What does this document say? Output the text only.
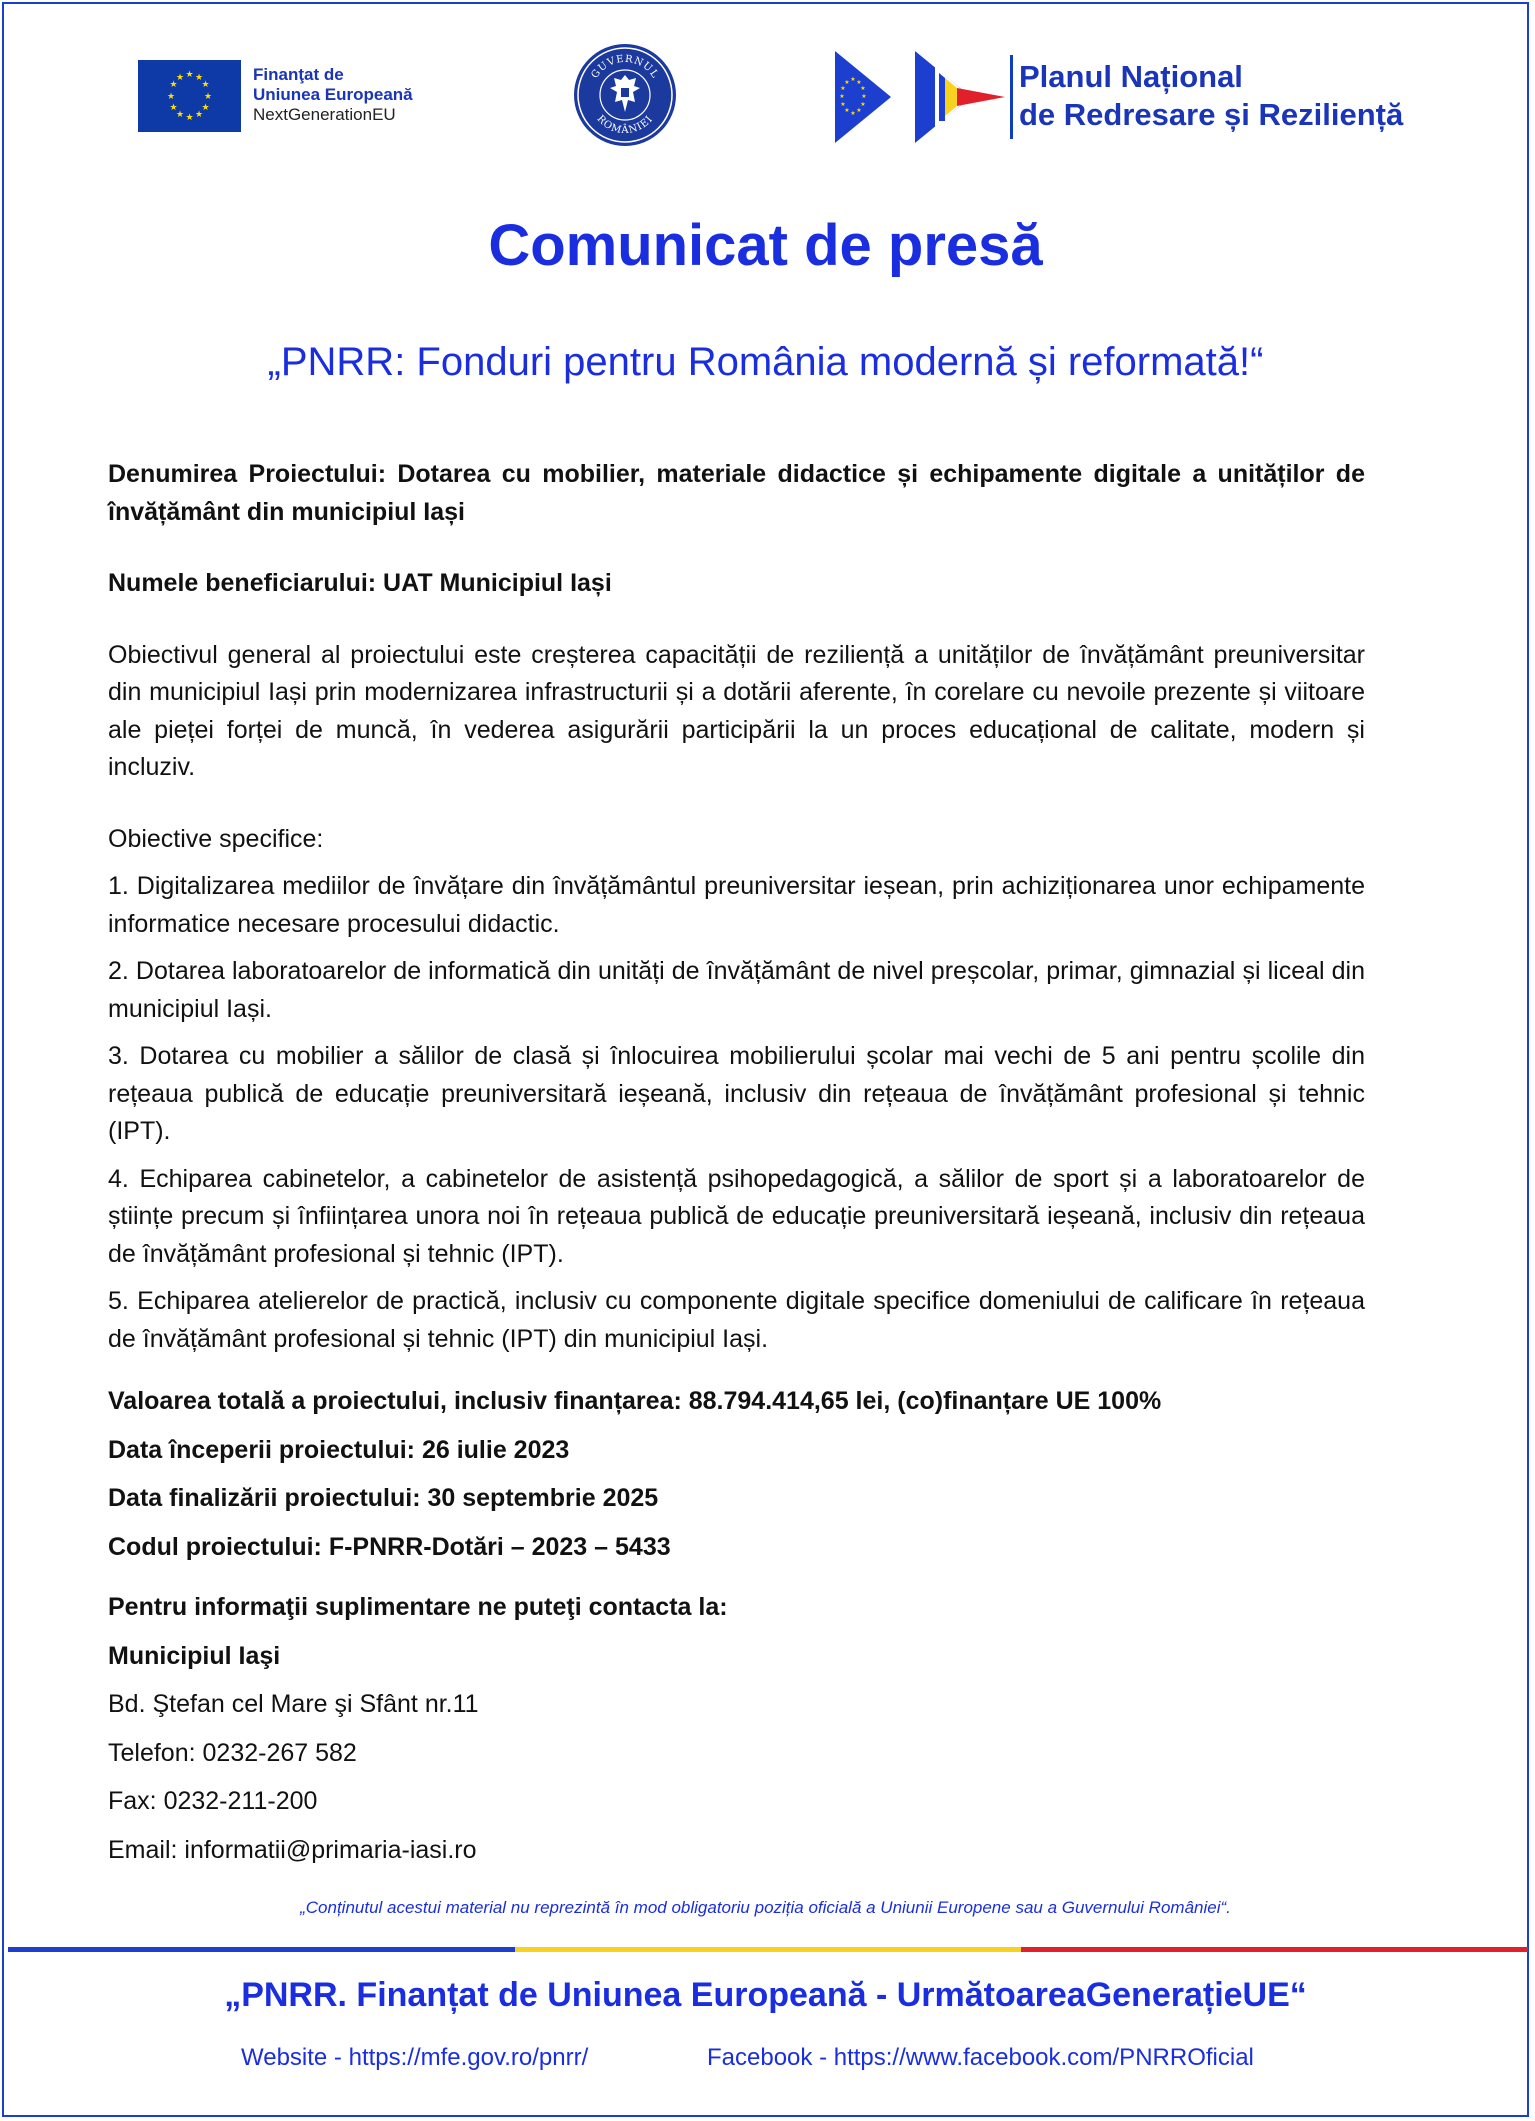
★ ★
★
★
★
★
★
★
★
★
★
★	Finanţat de
Uniunea Europeană
NextGenerationEU
GUVERNUL
ROMÂNIEI
★ ★
★
★
★
★
★
★
★
★
★
★	Planul Național
de Redresare și Reziliență
Comunicat de presă
„PNRR: Fonduri pentru România modernă și reformată!“

Denumirea Proiectului: Dotarea cu mobilier, materiale didactice și echipamente digitale a unităților de învățământ din municipiul Iași

Numele beneficiarului: UAT Municipiul Iași

Obiectivul general al proiectului este creșterea capacității de reziliență a unităților de învățământ preuniversitar din municipiul Iași prin modernizarea infrastructurii și a dotării aferente, în corelare cu nevoile prezente și viitoare ale pieței forței de muncă, în vederea asigurării participării la un proces educațional de calitate, modern și incluziv.

Obiective specifice:

1. Digitalizarea mediilor de învățare din învățământul preuniversitar ieșean, prin achiziționarea unor echipamente informatice necesare procesului didactic.

2. Dotarea laboratoarelor de informatică din unități de învățământ de nivel preșcolar, primar, gimnazial și liceal din municipiul Iași.

3. Dotarea cu mobilier a sălilor de clasă și înlocuirea mobilierului școlar mai vechi de 5 ani pentru școlile din rețeaua publică de educație preuniversitară ieșeană, inclusiv din rețeaua de învățământ profesional și tehnic (IPT).

4. Echiparea cabinetelor, a cabinetelor de asistență psihopedagogică, a sălilor de sport și a laboratoarelor de științe precum și înființarea unora noi în rețeaua publică de educație preuniversitară ieșeană, inclusiv din rețeaua de învățământ profesional și tehnic (IPT).

5. Echiparea atelierelor de practică, inclusiv cu componente digitale specifice domeniului de calificare în rețeaua de învățământ profesional și tehnic (IPT) din municipiul Iași.

Valoarea totală a proiectului, inclusiv finanțarea: 88.794.414,65 lei, (co)finanțare UE 100%

Data începerii proiectului: 26 iulie 2023

Data finalizării proiectului: 30 septembrie 2025

Codul proiectului: F-PNRR-Dotări – 2023 – 5433

Pentru informaţii suplimentare ne puteţi contacta la:

Municipiul Iaşi

Bd. Ştefan cel Mare şi Sfânt nr.11

Telefon: 0232-267 582

Fax: 0232-211-200

Email: informatii@primaria-iasi.ro

„Conținutul acestui material nu reprezintă în mod obligatoriu poziția oficială a Uniunii Europene sau a Guvernului României“.
„PNRR. Finanțat de Uniunea Europeană - UrmătoareaGenerațieUE“
Website - https://mfe.gov.ro/pnrr/	Facebook - https://www.facebook.com/PNRROficial
